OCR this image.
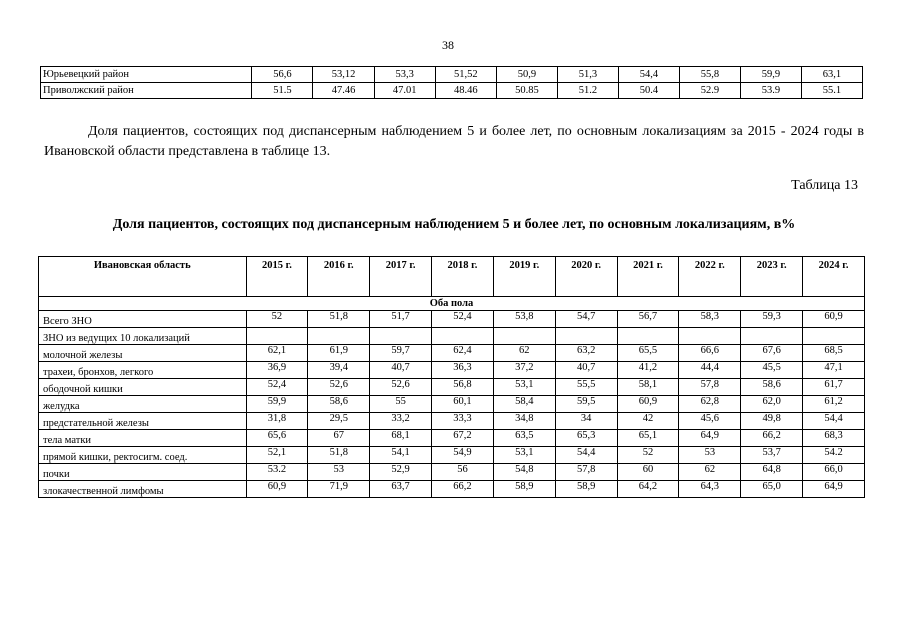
38
Юрьевецкий район	56,6	53,12	53,3	51,52	50,9	51,3	54,4	55,8	59,9	63,1
Приволжский район	51.5	47.46	47.01	48.46	50.85	51.2	50.4	52.9	53.9	55.1
Доля пациентов, состоящих под диспансерным наблюдением 5 и более лет, по основным локализациям за 2015 - 2024 годы в Ивановской области представлена в таблице 13.
Таблица 13
Доля пациентов, состоящих под диспансерным наблюдением 5 и более лет, по основным локализациям, в%
Ивановская область	2015 г.	2016 г.	2017 г.	2018 г.	2019 г.	2020 г.	2021 г.	2022 г.	2023 г.	2024 г.
Оба пола										
Всего ЗНО	52	51,8	51,7	52,4	53,8	54,7	56,7	58,3	59,3	60,9
ЗНО из ведущих 10 локализаций										
молочной железы	62,1	61,9	59,7	62,4	62	63,2	65,5	66,6	67,6	68,5
трахеи, бронхов, легкого	36,9	39,4	40,7	36,3	37,2	40,7	41,2	44,4	45,5	47,1
ободочной кишки	52,4	52,6	52,6	56,8	53,1	55,5	58,1	57,8	58,6	61,7
желудка	59,9	58,6	55	60,1	58,4	59,5	60,9	62,8	62,0	61,2
предстательной железы	31,8	29,5	33,2	33,3	34,8	34	42	45,6	49,8	54,4
тела матки	65,6	67	68,1	67,2	63,5	65,3	65,1	64,9	66,2	68,3
прямой кишки, ректосигм. соед.	52,1	51,8	54,1	54,9	53,1	54,4	52	53	53,7	54.2
почки	53.2	53	52,9	56	54,8	57,8	60	62	64,8	66,0
злокачественной лимфомы	60,9	71,9	63,7	66,2	58,9	58,9	64,2	64,3	65,0	64,9
